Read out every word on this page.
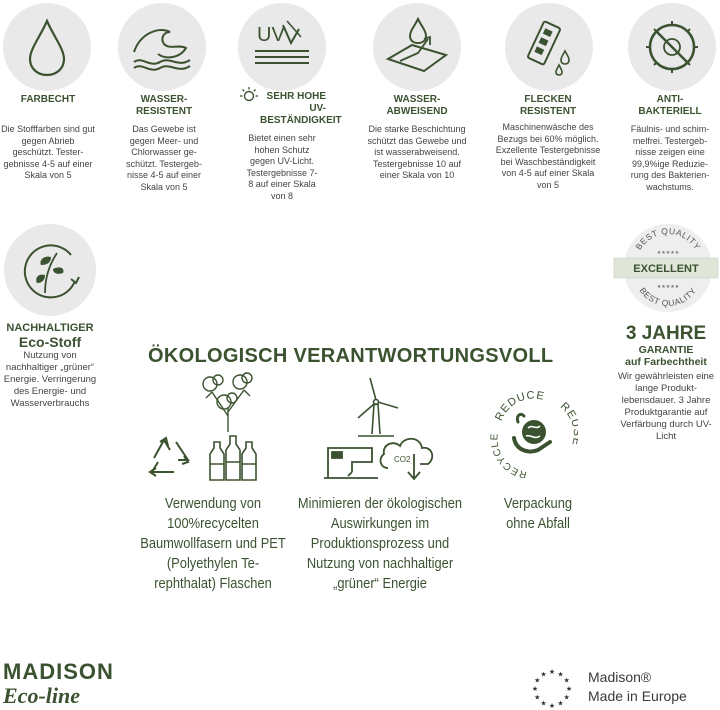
UV
FARBECHT
Die Stofffarben sind gut gegen Abrieb geschützt. Tester- gebnisse 4-5 auf einer Skala von 5
WASSER- RESISTENT
Das Gewebe ist gegen Meer- und Chlorwasser ge- schützt. Testergeb- nisse 4-5 auf einer Skala von 5
SEHR HOHE UV- BESTÄNDIGKEIT
Bietet einen sehr hohen Schutz gegen UV-Licht. Testergebnisse 7-8 auf einer Skala von 8
WASSER- ABWEISEND
Die starke Beschichtung schützt das Gewebe und ist wasserabweisend. Testergebnisse 10 auf einer Skala von 10
FLECKEN RESISTENT
Maschinenwäsche des Bezugs bei 60% möglich. Exzellente Testergebnisse bei Waschbeständigkeit von 4-5 auf einer Skala von 5
ANTI- BAKTERIELL
Fäulnis- und schim- melfrei. Testergeb- nisse zeigen eine 99,9%ige Reduzie- rung des Bakterien- wachstums.
NACHHALTIGER
Eco-Stoff
Nutzung von nachhaltiger „grüner“ Energie. Verringerung des Energie- und Wasserverbrauchs
BEST QUALITY
BEST QUALITY
★★★★★
EXCELLENT
★★★★★
3 JAHRE
GARANTIE
auf Farbechtheit
Wir gewährleisten eine lange Produkt- lebensdauer. 3 Jahre Produktgarantie auf Verfärbung durch UV-Licht
ÖKOLOGISCH VERANTWORTUNGSVOLL
CO2
REDUCE
RE
RECYCLE
Verwendung von 100%recycelten Baumwollfasern und PET (Polyethylen Te- rephthalat) Flaschen
Minimieren der ökologischen Auswirkungen im Produktionsprozess und Nutzung von nachhaltiger „grüner“ Energie
Verpackung ohne Abfall
MADISON
Eco-line	★
★
★
★
★
★
★
★
★ ★ ★
★ Madison®
Made in Europe
